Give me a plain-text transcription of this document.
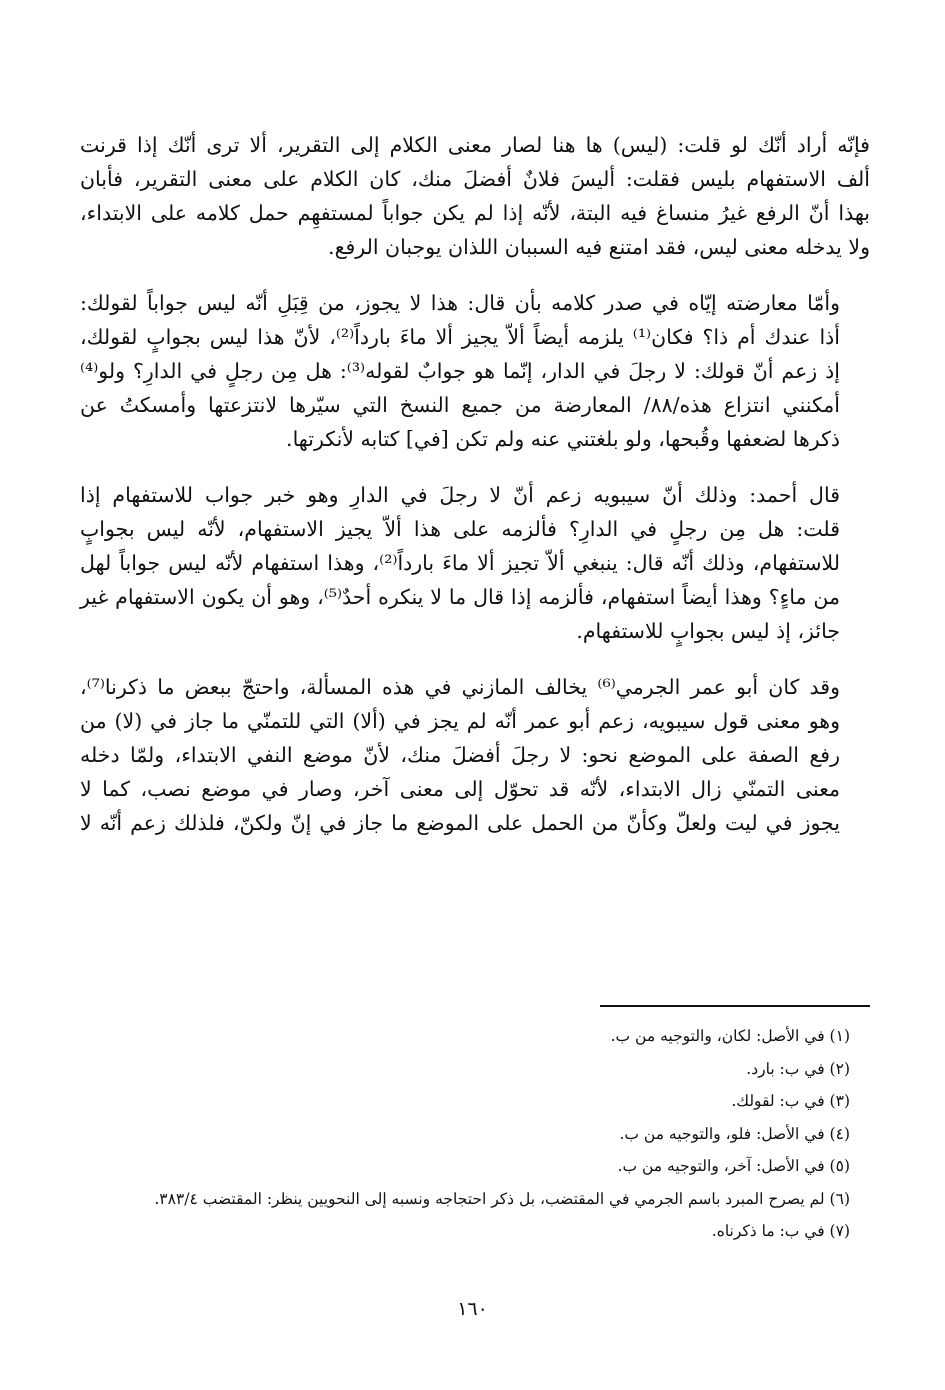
فإنّه أراد أنّك لو قلت: (ليس) ها هنا لصار معنى الكلام إلى التقرير، ألا ترى أنّك إذا قرنت
ألف الاستفهام بليس فقلت: أليسَ فلانٌ أفضلَ منك، كان الكلام على معنى التقرير، فأبان
بهذا أنّ الرفع غيرُ منساغ فيه البتة، لأنّه إذا لم يكن جواباً لمستفهِم حمل كلامه على الابتداء،
ولا يدخله معنى ليس، فقد امتنع فيه السببان اللذان يوجبان الرفع.

وأمّا معارضته إيّاه في صدر كلامه بأن قال: هذا لا يجوز، من قِبَلِ أنّه ليس جواباً لقولك:
أذا عندك أم ذا؟ فكان⁽¹⁾ يلزمه أيضاً ألاّ يجيز ألا ماءَ بارداً⁽²⁾، لأنّ هذا ليس بجوابٍ لقولك،
إذ زعم أنّ قولك: لا رجلَ في الدار، إنّما هو جوابٌ لقوله⁽³⁾: هل مِن رجلٍ في الدارِ؟ ولو⁽⁴⁾
أمكنني انتزاع هذه/٨٨/ المعارضة من جميع النسخ التي سيّرها لانتزعتها وأمسكتُ عن
ذكرها لضعفها وقُبحها، ولو بلغتني عنه ولم تكن [في] كتابه لأنكرتها.

قال أحمد: وذلك أنّ سيبويه زعم أنّ لا رجلَ في الدارِ وهو خبر جواب للاستفهام إذا
قلت: هل مِن رجلٍ في الدارِ؟ فألزمه على هذا ألاّ يجيز الاستفهام، لأنّه ليس بجوابٍ
للاستفهام، وذلك أنّه قال: ينبغي ألاّ تجيز ألا ماءَ بارداً⁽²⁾، وهذا استفهام لأنّه ليس جواباً لهل
من ماءٍ؟ وهذا أيضاً استفهام، فألزمه إذا قال ما لا ينكره أحدٌ⁽⁵⁾، وهو أن يكون الاستفهام غير
جائز، إذ ليس بجوابٍ للاستفهام.

وقد كان أبو عمر الجرمي⁽⁶⁾ يخالف المازني في هذه المسألة، واحتجّ ببعض ما ذكرنا⁽⁷⁾،
وهو معنى قول سيبويه، زعم أبو عمر أنّه لم يجز في (ألا) التي للتمنّي ما جاز في (لا) من
رفع الصفة على الموضع نحو: لا رجلَ أفضلَ منك، لأنّ موضع النفي الابتداء، ولمّا دخله
معنى التمنّي زال الابتداء، لأنّه قد تحوّل إلى معنى آخر، وصار في موضع نصب، كما لا
يجوز في ليت ولعلّ وكأنّ من الحمل على الموضع ما جاز في إنّ ولكنّ، فلذلك زعم أنّه لا

(١) في الأصل: لكان، والتوجيه من ب.
(٢) في ب: بارد.
(٣) في ب: لقولك.
(٤) في الأصل: فلو، والتوجيه من ب.
(٥) في الأصل: آخر، والتوجيه من ب.
(٦) لم يصرح المبرد باسم الجرمي في المقتضب، بل ذكر احتجاجه ونسبه إلى النحويين ينظر: المقتضب ٣٨٣/٤.
(٧) في ب: ما ذكرناه.
١٦٠
